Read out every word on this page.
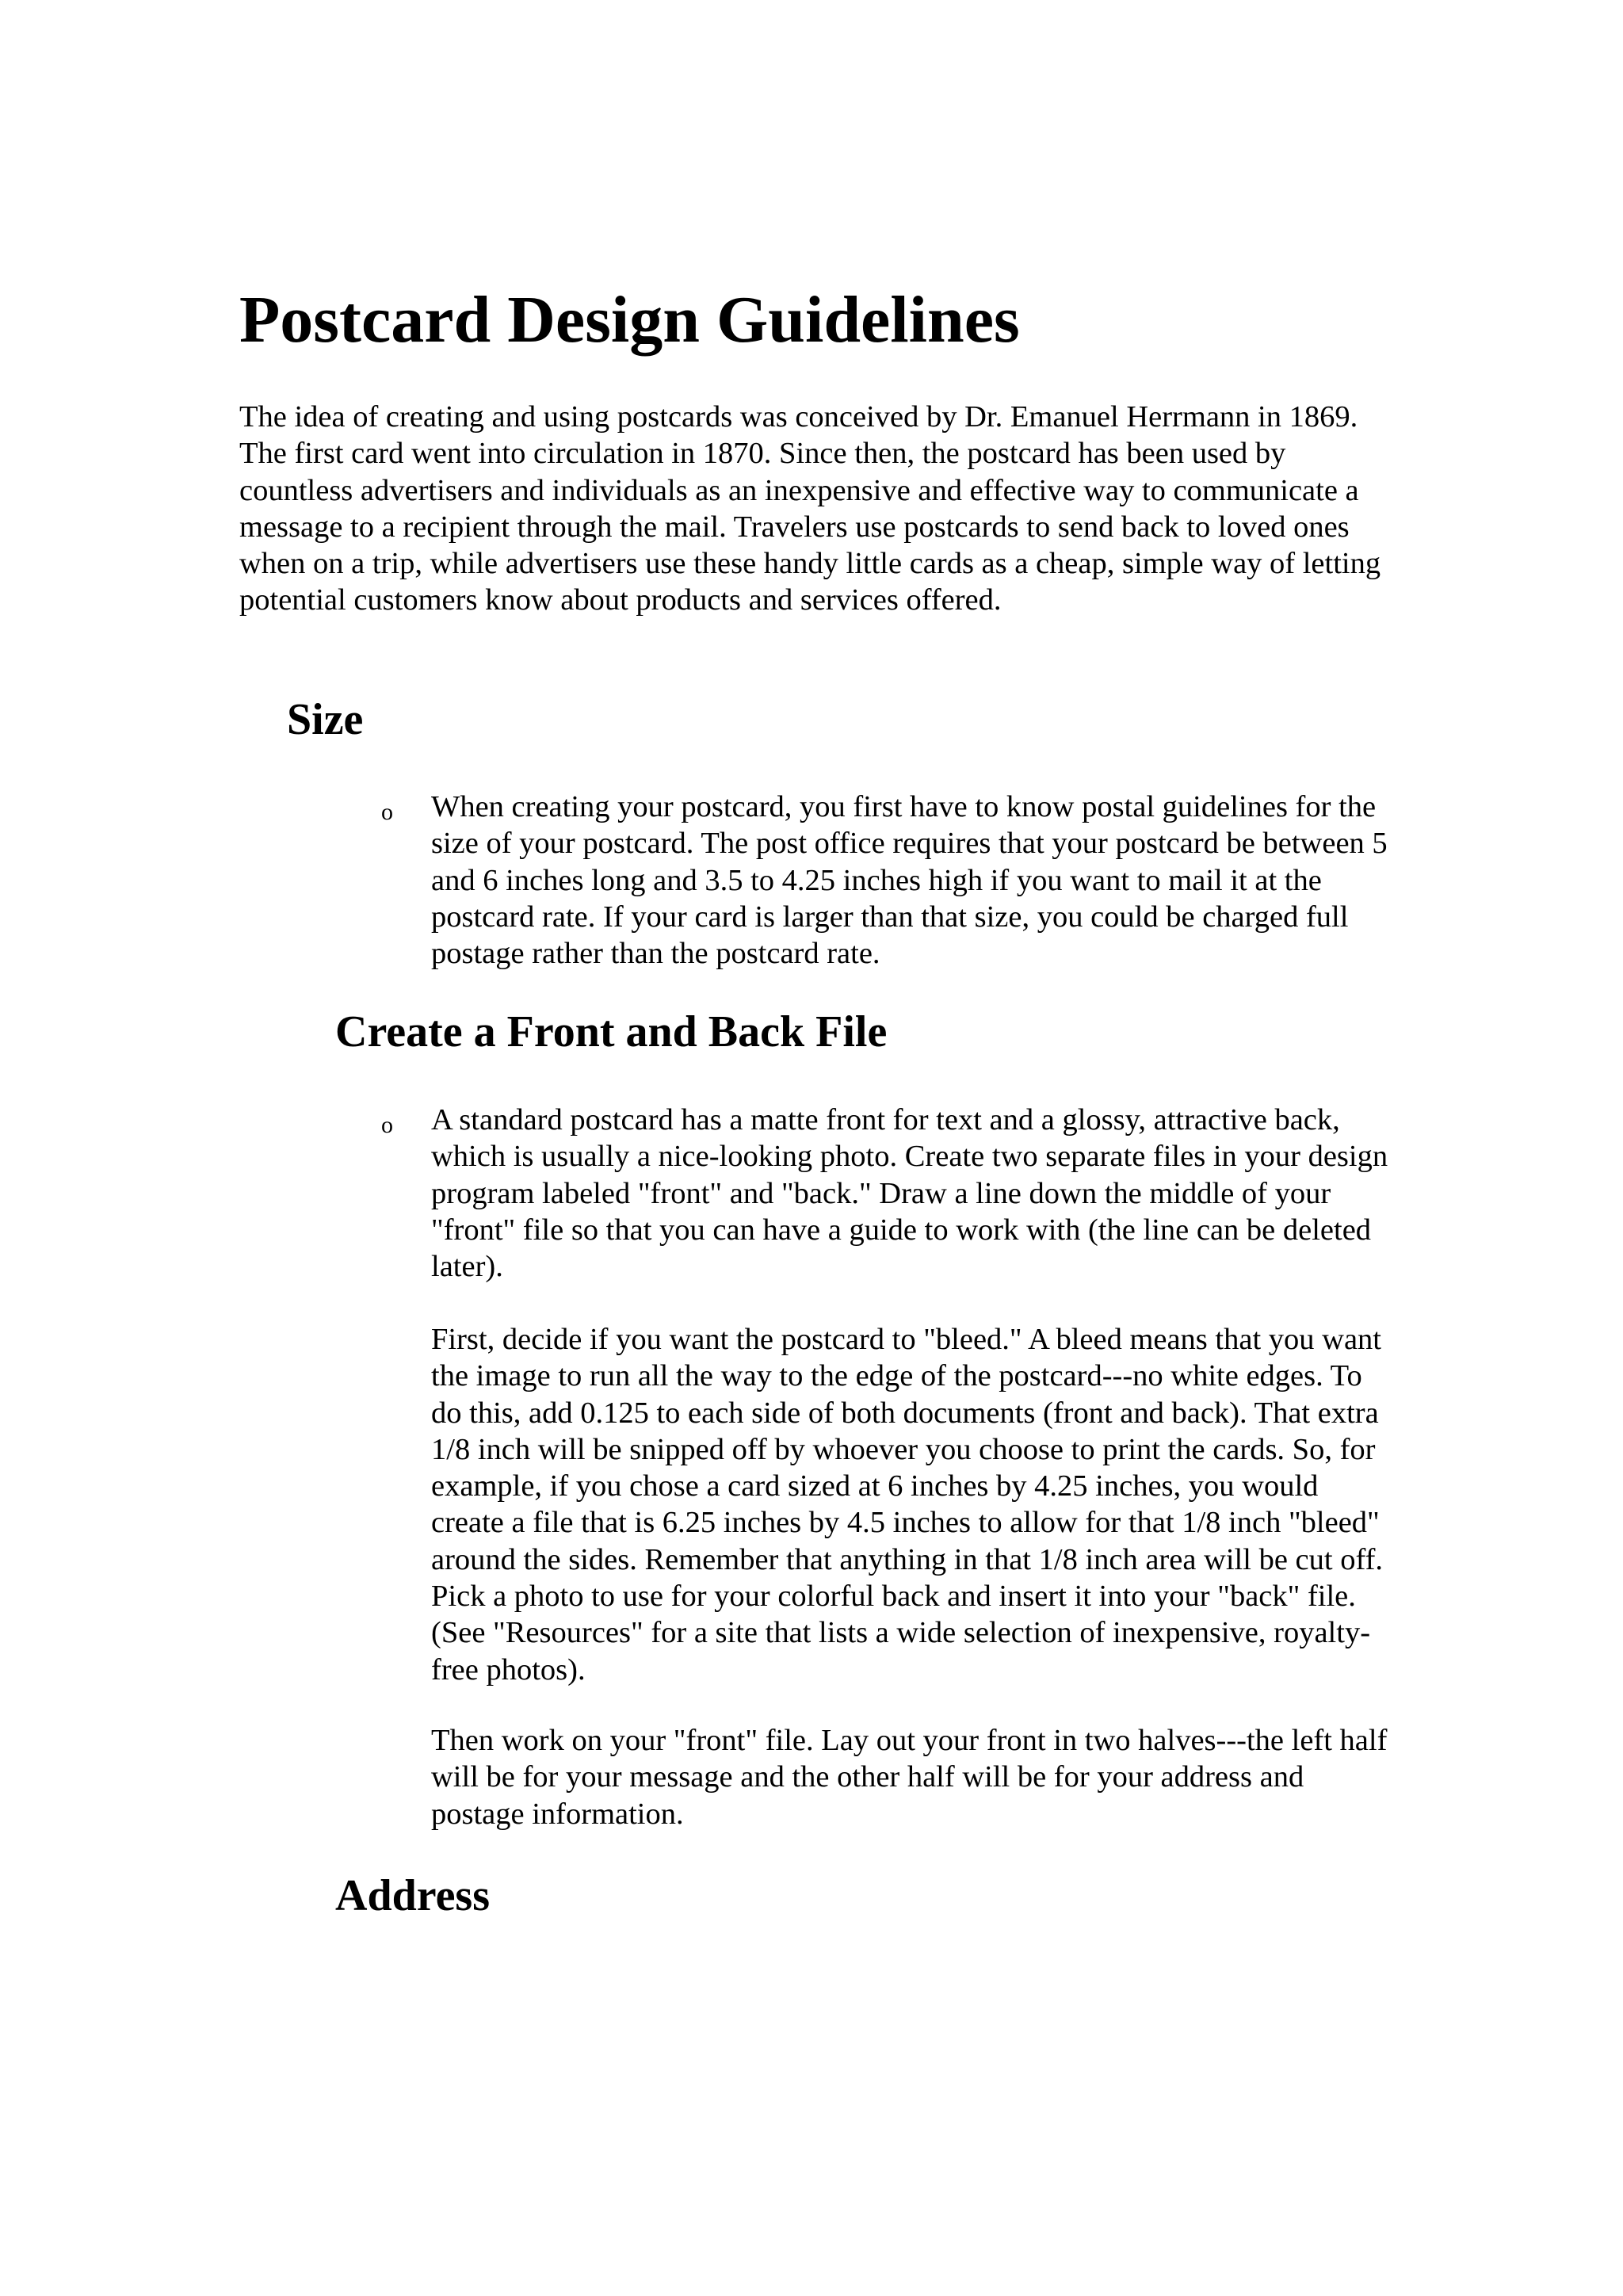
Postcard Design Guidelines

The idea of creating and using postcards was conceived by Dr. Emanuel Herrmann in 1869. The first card went into circulation in 1870. Since then, the postcard has been used by countless advertisers and individuals as an inexpensive and effective way to communicate a message to a recipient through the mail. Travelers use postcards to send back to loved ones when on a trip, while advertisers use these handy little cards as a cheap, simple way of letting potential customers know about products and services offered.

Size
o When creating your postcard, you first have to know postal guidelines for the size of your postcard. The post office requires that your postcard be between 5 and 6 inches long and 3.5 to 4.25 inches high if you want to mail it at the postcard rate. If your card is larger than that size, you could be charged full postage rather than the postcard rate.

Create a Front and Back File
o A standard postcard has a matte front for text and a glossy, attractive back, which is usually a nice-looking photo. Create two separate files in your design program labeled "front" and "back." Draw a line down the middle of your "front" file so that you can have a guide to work with (the line can be deleted later).

First, decide if you want the postcard to "bleed." A bleed means that you want the image to run all the way to the edge of the postcard---no white edges. To do this, add 0.125 to each side of both documents (front and back). That extra 1/8 inch will be snipped off by whoever you choose to print the cards. So, for example, if you chose a card sized at 6 inches by 4.25 inches, you would create a file that is 6.25 inches by 4.5 inches to allow for that 1/8 inch "bleed" around the sides. Remember that anything in that 1/8 inch area will be cut off. Pick a photo to use for your colorful back and insert it into your "back" file. (See "Resources" for a site that lists a wide selection of inexpensive, royalty-free photos).

Then work on your "front" file. Lay out your front in two halves---the left half will be for your message and the other half will be for your address and postage information.

Address
